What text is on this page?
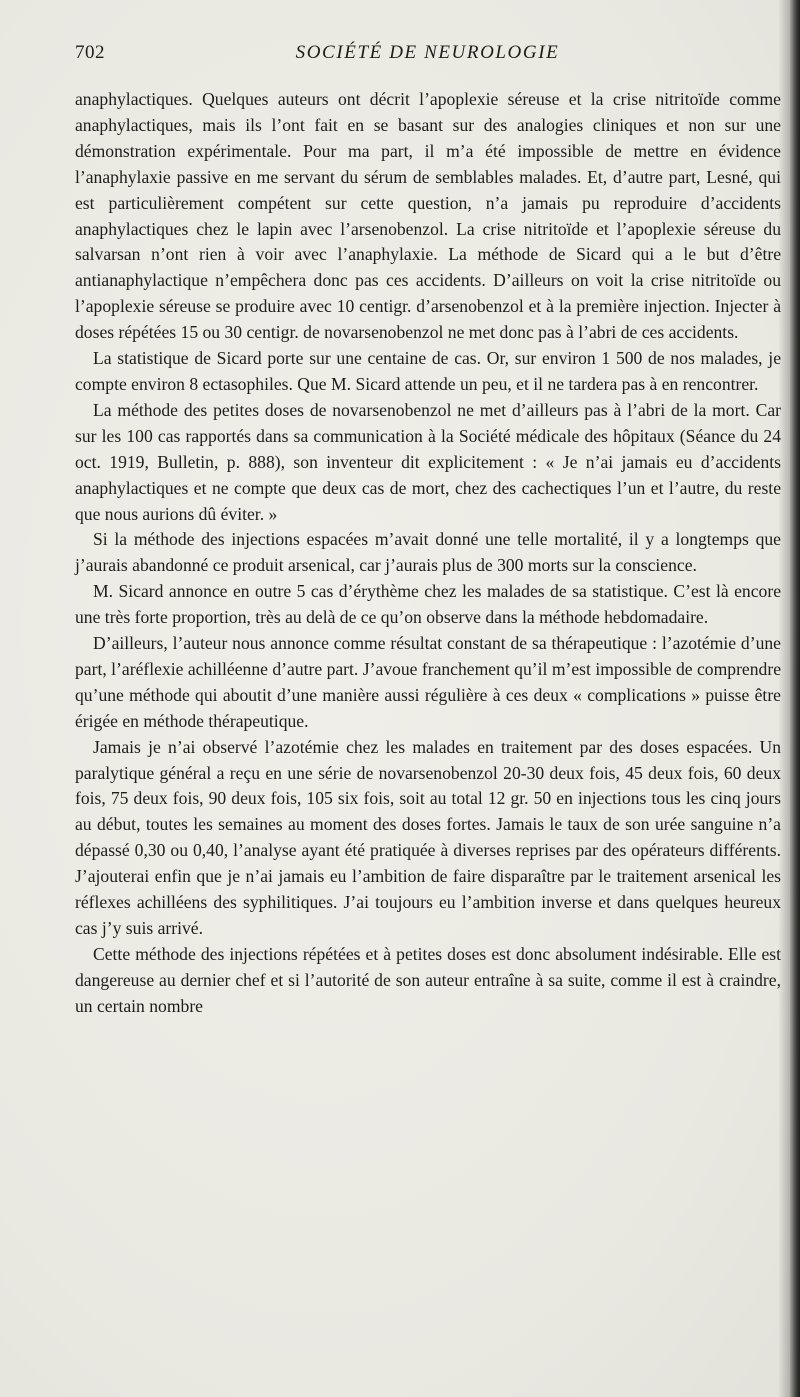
702	SOCIÉTÉ DE NEUROLOGIE

anaphylactiques. Quelques auteurs ont décrit l’apoplexie séreuse et la crise nitritoïde comme anaphylactiques, mais ils l’ont fait en se basant sur des analogies cliniques et non sur une démonstration expérimentale. Pour ma part, il m’a été impossible de mettre en évidence l’anaphylaxie passive en me servant du sérum de semblables malades. Et, d’autre part, Lesné, qui est particulièrement compétent sur cette question, n’a jamais pu reproduire d’accidents anaphylactiques chez le lapin avec l’arsenobenzol. La crise nitritoïde et l’apoplexie séreuse du salvarsan n’ont rien à voir avec l’anaphylaxie. La méthode de Sicard qui a le but d’être antianaphylactique n’empêchera donc pas ces accidents. D’ailleurs on voit la crise nitritoïde ou l’apoplexie séreuse se produire avec 10 centigr. d’arsenobenzol et à la première injection. Injecter à doses répétées 15 ou 30 centigr. de novarsenobenzol ne met donc pas à l’abri de ces accidents.

La statistique de Sicard porte sur une centaine de cas. Or, sur environ 1 500 de nos malades, je compte environ 8 ectasophiles. Que M. Sicard attende un peu, et il ne tardera pas à en rencontrer.

La méthode des petites doses de novarsenobenzol ne met d’ailleurs pas à l’abri de la mort. Car sur les 100 cas rapportés dans sa communication à la Société médicale des hôpitaux (Séance du 24 oct. 1919, Bulletin, p. 888), son inventeur dit explicitement : « Je n’ai jamais eu d’accidents anaphylactiques et ne compte que deux cas de mort, chez des cachectiques l’un et l’autre, du reste que nous aurions dû éviter. »

Si la méthode des injections espacées m’avait donné une telle mortalité, il y a longtemps que j’aurais abandonné ce produit arsenical, car j’aurais plus de 300 morts sur la conscience.

M. Sicard annonce en outre 5 cas d’érythème chez les malades de sa statistique. C’est là encore une très forte proportion, très au delà de ce qu’on observe dans la méthode hebdomadaire.

D’ailleurs, l’auteur nous annonce comme résultat constant de sa thérapeutique : l’azotémie d’une part, l’aréflexie achilléenne d’autre part. J’avoue franchement qu’il m’est impossible de comprendre qu’une méthode qui aboutit d’une manière aussi régulière à ces deux « complications » puisse être érigée en méthode thérapeutique.

Jamais je n’ai observé l’azotémie chez les malades en traitement par des doses espacées. Un paralytique général a reçu en une série de novarsenobenzol 20-30 deux fois, 45 deux fois, 60 deux fois, 75 deux fois, 90 deux fois, 105 six fois, soit au total 12 gr. 50 en injections tous les cinq jours au début, toutes les semaines au moment des doses fortes. Jamais le taux de son urée sanguine n’a dépassé 0,30 ou 0,40, l’analyse ayant été pratiquée à diverses reprises par des opérateurs différents. J’ajouterai enfin que je n’ai jamais eu l’ambition de faire disparaître par le traitement arsenical les réflexes achilléens des syphilitiques. J’ai toujours eu l’ambition inverse et dans quelques heureux cas j’y suis arrivé.

Cette méthode des injections répétées et à petites doses est donc absolument indésirable. Elle est dangereuse au dernier chef et si l’autorité de son auteur entraîne à sa suite, comme il est à craindre, un certain nombre
